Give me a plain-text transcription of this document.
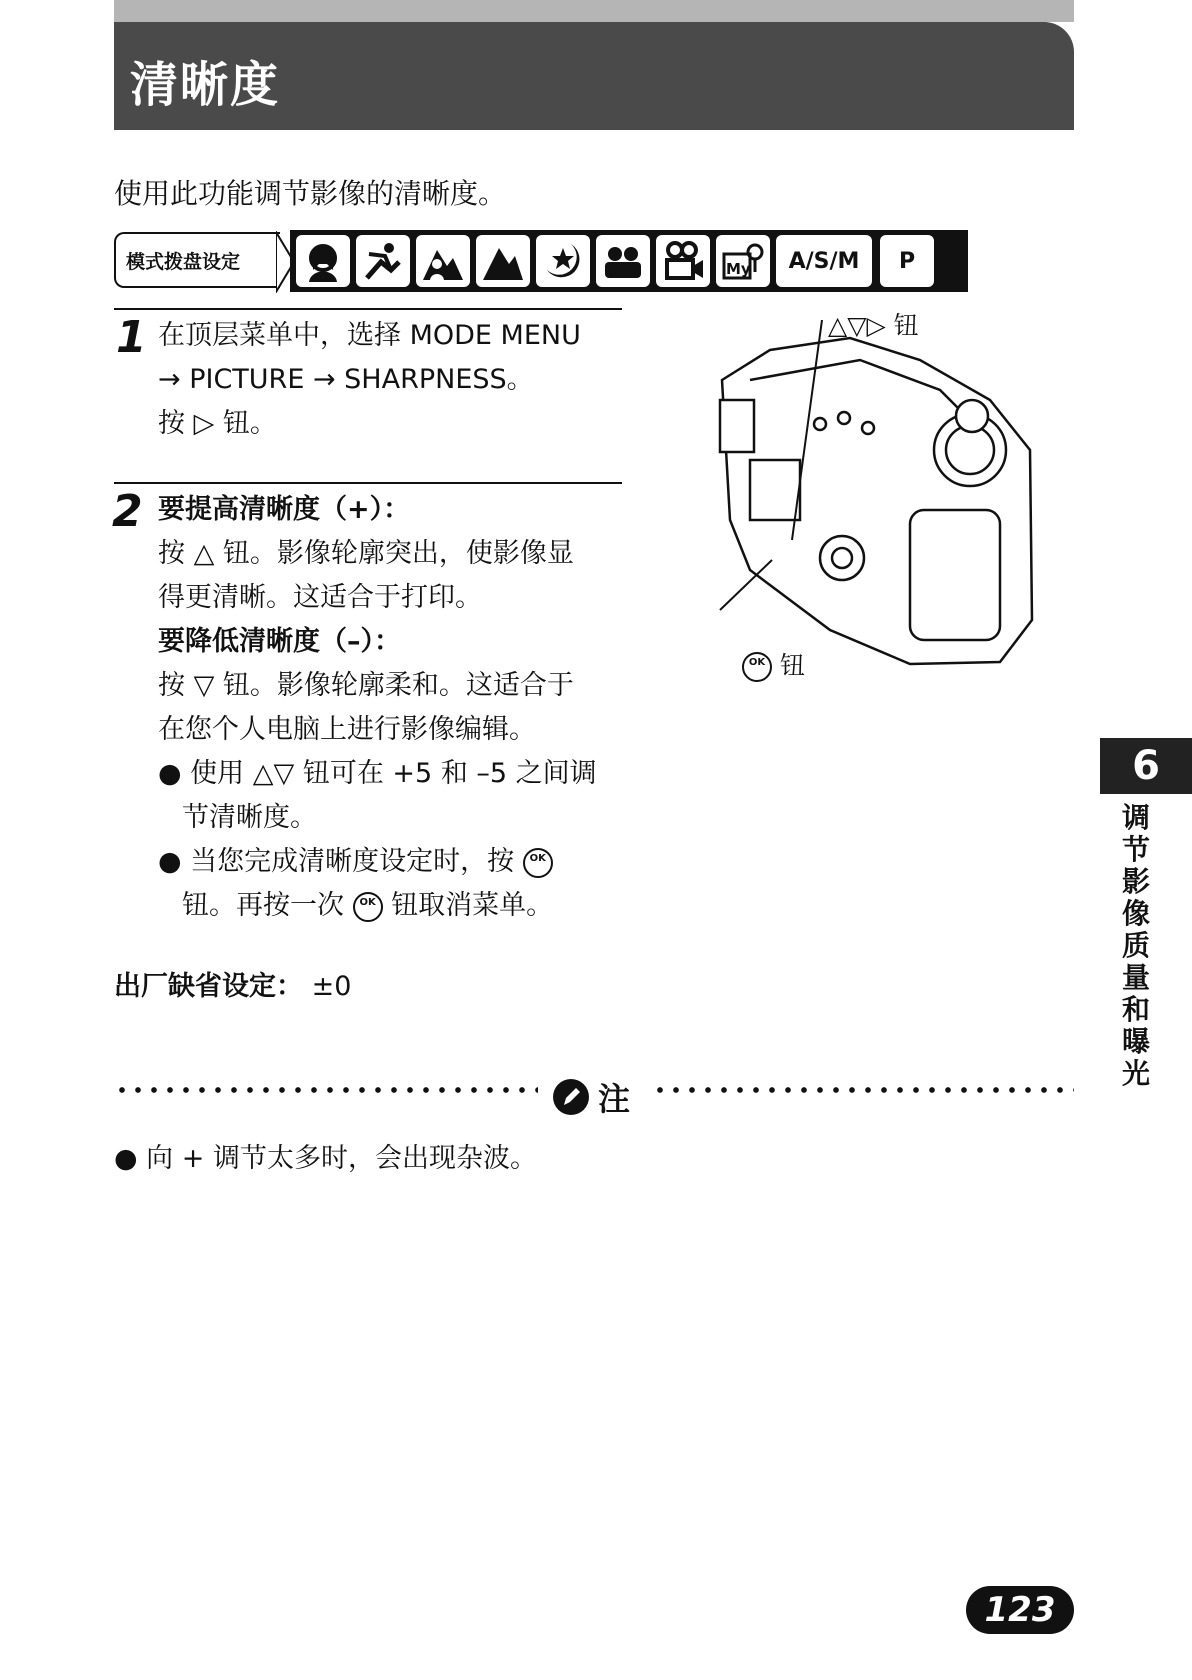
清晰度
使用此功能调节影像的清晰度。
模式拨盘设定	My	A/S/M	P
1 在顶层菜单中，选择 MODE MENU
→ PICTURE → SHARPNESS。
按 ▷ 钮。
2 要提高清晰度（+）：
按 △ 钮。影像轮廓突出，使影像显
得更清晰。这适合于打印。
要降低清晰度（–）：
按 ▽ 钮。影像轮廓柔和。这适合于
在您个人电脑上进行影像编辑。
● 使用 △▽ 钮可在 +5 和 –5 之间调
节清晰度。
● 当您完成清晰度设定时，按 OK
钮。再按一次 OK 钮取消菜单。
△▽▷ 钮
OK 钮
出厂缺省设定： ±0
注
● 向 + 调节太多时，会出现杂波。
6
调节影像质量和曝光
123
